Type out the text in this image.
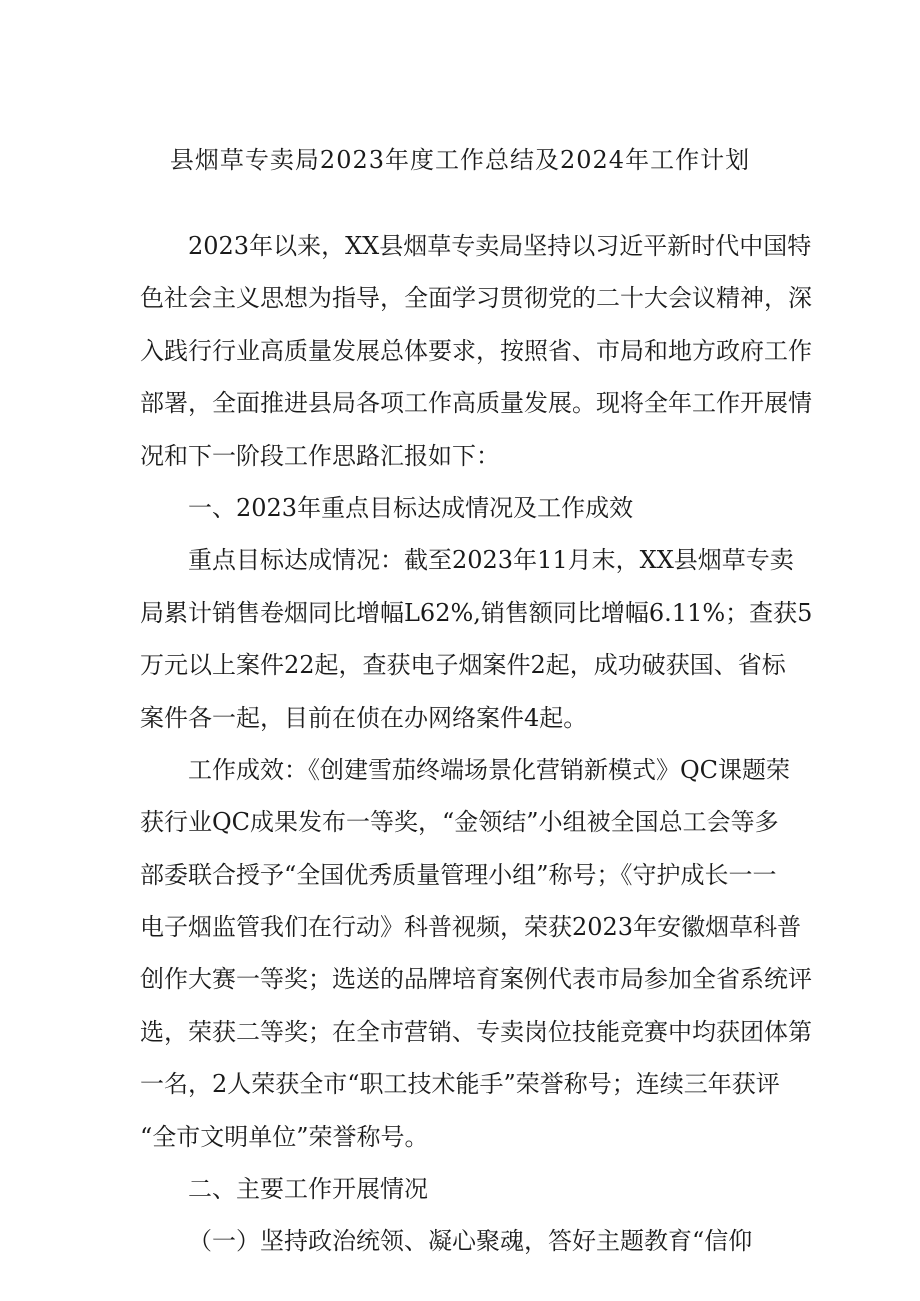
县烟草专卖局2023年度工作总结及2024年工作计划
2023年以来，XX县烟草专卖局坚持以习近平新时代中国特
色社会主义思想为指导，全面学习贯彻党的二十大会议精神，深
入践行行业高质量发展总体要求，按照省、市局和地方政府工作
部署，全面推进县局各项工作高质量发展。现将全年工作开展情
况和下一阶段工作思路汇报如下：
一、2023年重点目标达成情况及工作成效
重点目标达成情况：截至2023年11月末，XX县烟草专卖
局累计销售卷烟同比增幅L62%,销售额同比增幅6.11%；查获5
万元以上案件22起，查获电子烟案件2起，成功破获国、省标
案件各一起，目前在侦在办网络案件4起。
工作成效：《创建雪茄终端场景化营销新模式》QC课题荣
获行业QC成果发布一等奖，“金领结”小组被全国总工会等多
部委联合授予“全国优秀质量管理小组”称号；《守护成长一一
电子烟监管我们在行动》科普视频，荣获2023年安徽烟草科普
创作大赛一等奖；选送的品牌培育案例代表市局参加全省系统评
选，荣获二等奖；在全市营销、专卖岗位技能竞赛中均获团体第
一名，2人荣获全市“职工技术能手”荣誉称号；连续三年获评
“全市文明单位”荣誉称号。
二、主要工作开展情况
（一）坚持政治统领、凝心聚魂，答好主题教育“信仰
